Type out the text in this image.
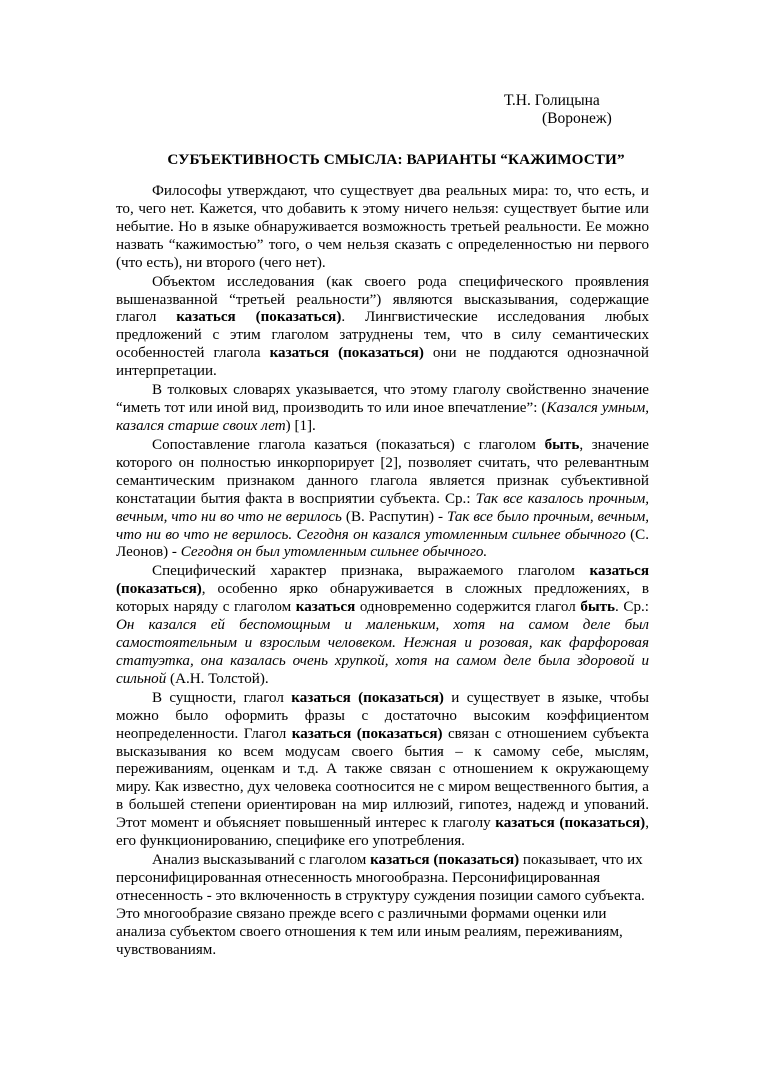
Т.Н. Голицына
(Воронеж)
СУБЪЕКТИВНОСТЬ СМЫСЛА: ВАРИАНТЫ “КАЖИМОСТИ”

Философы утверждают, что существует два реальных мира: то, что есть, и то, чего нет. Кажется, что добавить к этому ничего нельзя: существует бытие или небытие. Но в языке обнаруживается возможность третьей реальности. Ее можно назвать “кажимостью” того, о чем нельзя сказать с определенностью ни первого (что есть), ни второго (чего нет).

Объектом исследования (как своего рода специфического проявления вышеназванной “третьей реальности”) являются высказывания, содержащие глагол казаться (показаться). Лингвистические исследования любых предложений с этим глаголом затруднены тем, что в силу семантических особенностей глагола казаться (показаться) они не поддаются однозначной интерпретации.

В толковых словарях указывается, что этому глаголу свойственно значение “иметь тот или иной вид, производить то или иное впечатление”: (Казался умным, казался старше своих лет) [1].

Сопоставление глагола казаться (показаться) с глаголом быть, значение которого он полностью инкорпорирует [2], позволяет считать, что релевантным семантическим признаком данного глагола является признак субъективной констатации бытия факта в восприятии субъекта. Ср.: Так все казалось прочным, вечным, что ни во что не верилось (В. Распутин) - Так все было прочным, вечным, что ни во что не верилось. Сегодня он казался утомленным сильнее обычного (С. Леонов) - Сегодня он был утомленным сильнее обычного.

Специфический характер признака, выражаемого глаголом казаться (показаться), особенно ярко обнаруживается в сложных предложениях, в которых наряду с глаголом казаться одновременно содержится глагол быть. Ср.: Он казался ей беспомощным и маленьким, хотя на самом деле был самостоятельным и взрослым человеком. Нежная и розовая, как фарфоровая статуэтка, она казалась очень хрупкой, хотя на самом деле была здоровой и сильной (А.Н. Толстой).

В сущности, глагол казаться (показаться) и существует в языке, чтобы можно было оформить фразы с достаточно высоким коэффициентом неопределенности. Глагол казаться (показаться) связан с отношением субъекта высказывания ко всем модусам своего бытия – к самому себе, мыслям, переживаниям, оценкам и т.д. А также связан с отношением к окружающему миру. Как известно, дух человека соотносится не с миром вещественного бытия, а в большей степени ориентирован на мир иллюзий, гипотез, надежд и упований. Этот момент и объясняет повышенный интерес к глаголу казаться (показаться), его функционированию, специфике его употребления.

Анализ высказываний с глаголом казаться (показаться) показывает, что их персонифицированная отнесенность многообразна. Персонифицированная отнесенность - это включенность в структуру суждения позиции самого субъекта. Это многообразие связано прежде всего с различными формами оценки или анализа субъектом своего отношения к тем или иным реалиям, переживаниям, чувствованиям.
